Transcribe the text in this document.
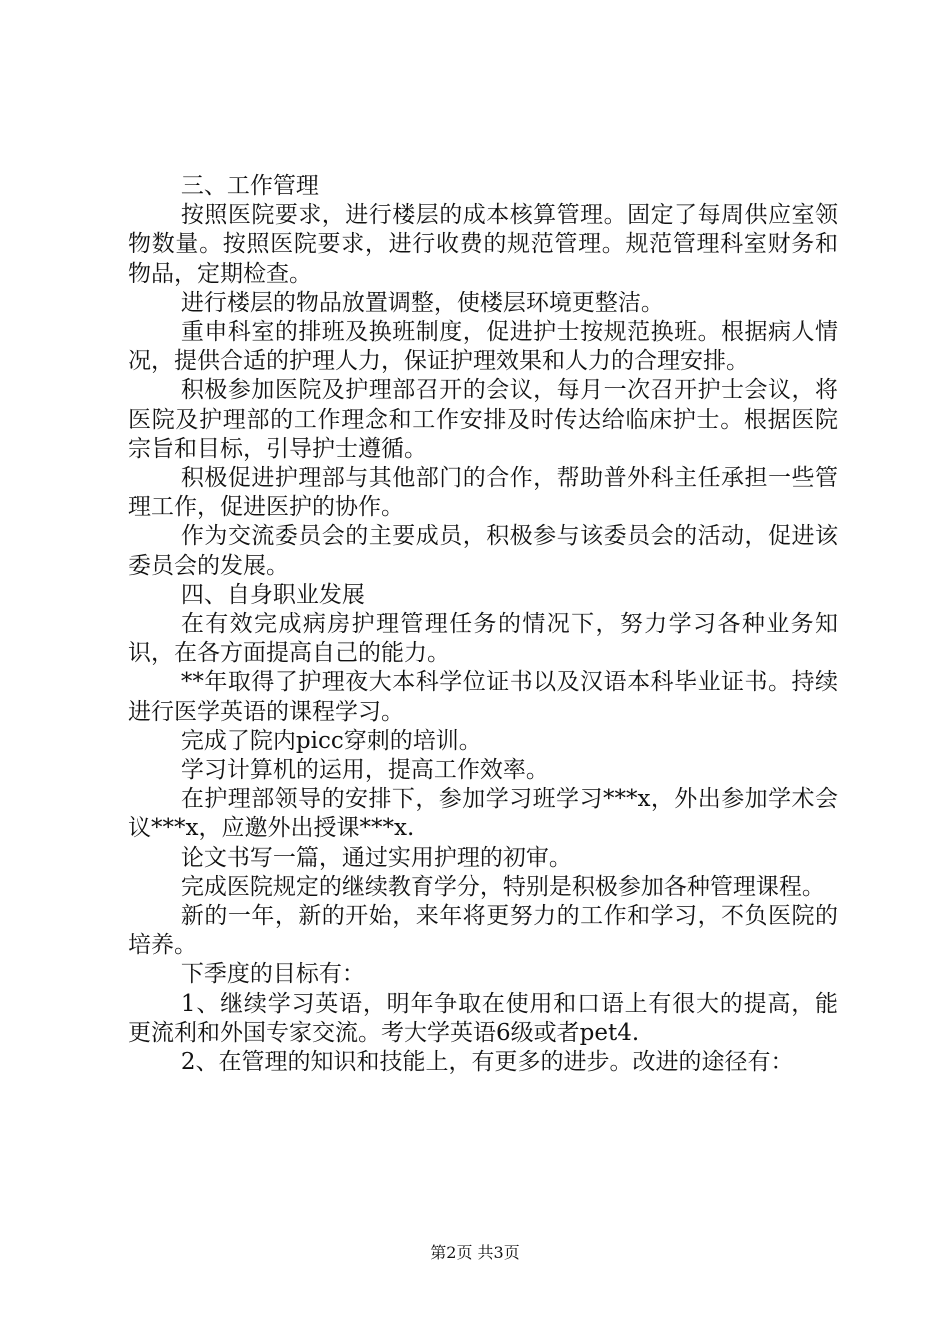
三、工作管理

按照医院要求，进行楼层的成本核算管理。固定了每周供应室领物数量。按照医院要求，进行收费的规范管理。规范管理科室财务和物品，定期检查。

进行楼层的物品放置调整，使楼层环境更整洁。

重申科室的排班及换班制度，促进护士按规范换班。根据病人情况，提供合适的护理人力，保证护理效果和人力的合理安排。

积极参加医院及护理部召开的会议，每月一次召开护士会议，将医院及护理部的工作理念和工作安排及时传达给临床护士。根据医院宗旨和目标，引导护士遵循。

积极促进护理部与其他部门的合作，帮助普外科主任承担一些管理工作，促进医护的协作。

作为交流委员会的主要成员，积极参与该委员会的活动，促进该委员会的发展。

四、自身职业发展

在有效完成病房护理管理任务的情况下，努力学习各种业务知识，在各方面提高自己的能力。

**年取得了护理夜大本科学位证书以及汉语本科毕业证书。持续进行医学英语的课程学习。

完成了院内picc穿刺的培训。

学习计算机的运用，提高工作效率。

在护理部领导的安排下，参加学习班学习***x，外出参加学术会议***x，应邀外出授课***x.

论文书写一篇，通过实用护理的初审。

完成医院规定的继续教育学分，特别是积极参加各种管理课程。

新的一年，新的开始，来年将更努力的工作和学习，不负医院的培养。

下季度的目标有：

1、继续学习英语，明年争取在使用和口语上有很大的提高，能更流利和外国专家交流。考大学英语6级或者pet4.

2、在管理的知识和技能上，有更多的进步。改进的途径有：

第2页 共3页
